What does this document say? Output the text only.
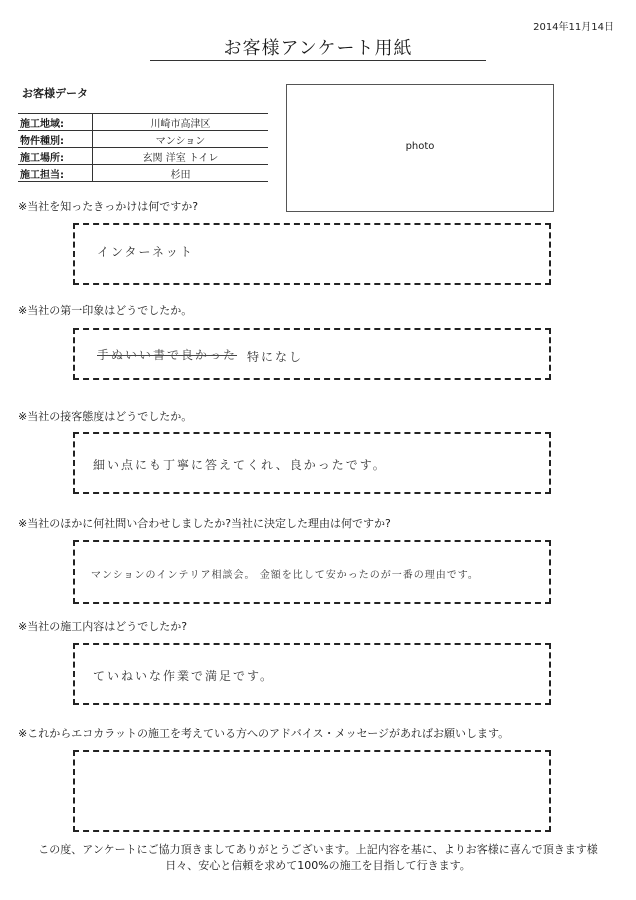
2014年11月14日
お客様アンケート用紙
お客様データ
施工地域:	川崎市高津区
物件種別:	マンション
施工場所:	玄関 洋室 トイレ
施工担当:	杉田
photo
※当社を知ったきっかけは何ですか?
インターネット
※当社の第一印象はどうでしたか。
手ぬいい書で良かった 特になし
※当社の接客態度はどうでしたか。
細い点にも丁寧に答えてくれ、良かったです。
※当社のほかに何社問い合わせしましたか?当社に決定した理由は何ですか?
マンションのインテリア相談会。 金額を比して安かったのが一番の理由です。
※当社の施工内容はどうでしたか?
ていねいな作業で満足です。
※これからエコカラットの施工を考えている方へのアドバイス・メッセージがあればお願いします。
この度、アンケートにご協力頂きましてありがとうございます。上記内容を基に、よりお客様に喜んで頂きます様
日々、安心と信頼を求めて100%の施工を目指して行きます。
